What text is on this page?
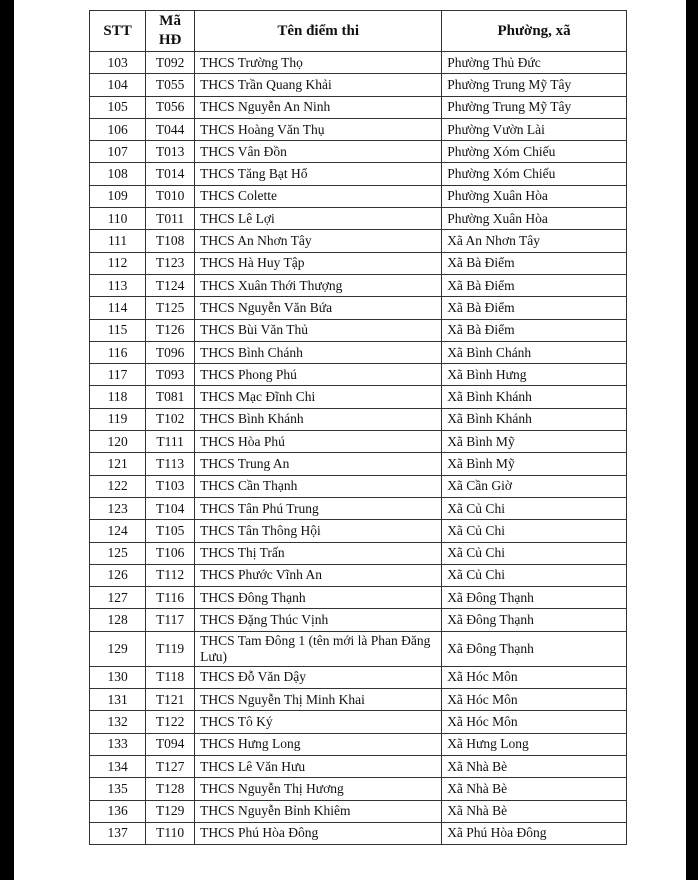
STT	Mã HĐ	Tên điểm thi	Phường, xã
103	T092	THCS Trường Thọ	Phường Thủ Đức
104	T055	THCS Trần Quang Khải	Phường Trung Mỹ Tây
105	T056	THCS Nguyễn An Ninh	Phường Trung Mỹ Tây
106	T044	THCS Hoàng Văn Thụ	Phường Vườn Lài
107	T013	THCS Vân Đồn	Phường Xóm Chiếu
108	T014	THCS Tăng Bạt Hổ	Phường Xóm Chiếu
109	T010	THCS Colette	Phường Xuân Hòa
110	T011	THCS Lê Lợi	Phường Xuân Hòa
111	T108	THCS An Nhơn Tây	Xã An Nhơn Tây
112	T123	THCS Hà Huy Tập	Xã Bà Điểm
113	T124	THCS Xuân Thới Thượng	Xã Bà Điểm
114	T125	THCS Nguyễn Văn Bứa	Xã Bà Điểm
115	T126	THCS Bùi Văn Thủ	Xã Bà Điểm
116	T096	THCS Bình Chánh	Xã Bình Chánh
117	T093	THCS Phong Phú	Xã Bình Hưng
118	T081	THCS Mạc Đĩnh Chi	Xã Bình Khánh
119	T102	THCS Bình Khánh	Xã Bình Khánh
120	T111	THCS Hòa Phú	Xã Bình Mỹ
121	T113	THCS Trung An	Xã Bình Mỹ
122	T103	THCS Cần Thạnh	Xã Cần Giờ
123	T104	THCS Tân Phú Trung	Xã Củ Chi
124	T105	THCS Tân Thông Hội	Xã Củ Chi
125	T106	THCS Thị Trấn	Xã Củ Chi
126	T112	THCS Phước Vĩnh An	Xã Củ Chi
127	T116	THCS Đông Thạnh	Xã Đông Thạnh
128	T117	THCS Đặng Thúc Vịnh	Xã Đông Thạnh
129	T119	THCS Tam Đông 1 (tên mới là Phan Đăng Lưu)	Xã Đông Thạnh
130	T118	THCS Đỗ Văn Dậy	Xã Hóc Môn
131	T121	THCS Nguyễn Thị Minh Khai	Xã Hóc Môn
132	T122	THCS Tô Ký	Xã Hóc Môn
133	T094	THCS Hưng Long	Xã Hưng Long
134	T127	THCS Lê Văn Hưu	Xã Nhà Bè
135	T128	THCS Nguyễn Thị Hương	Xã Nhà Bè
136	T129	THCS Nguyễn Bỉnh Khiêm	Xã Nhà Bè
137	T110	THCS Phú Hòa Đông	Xã Phú Hòa Đông
